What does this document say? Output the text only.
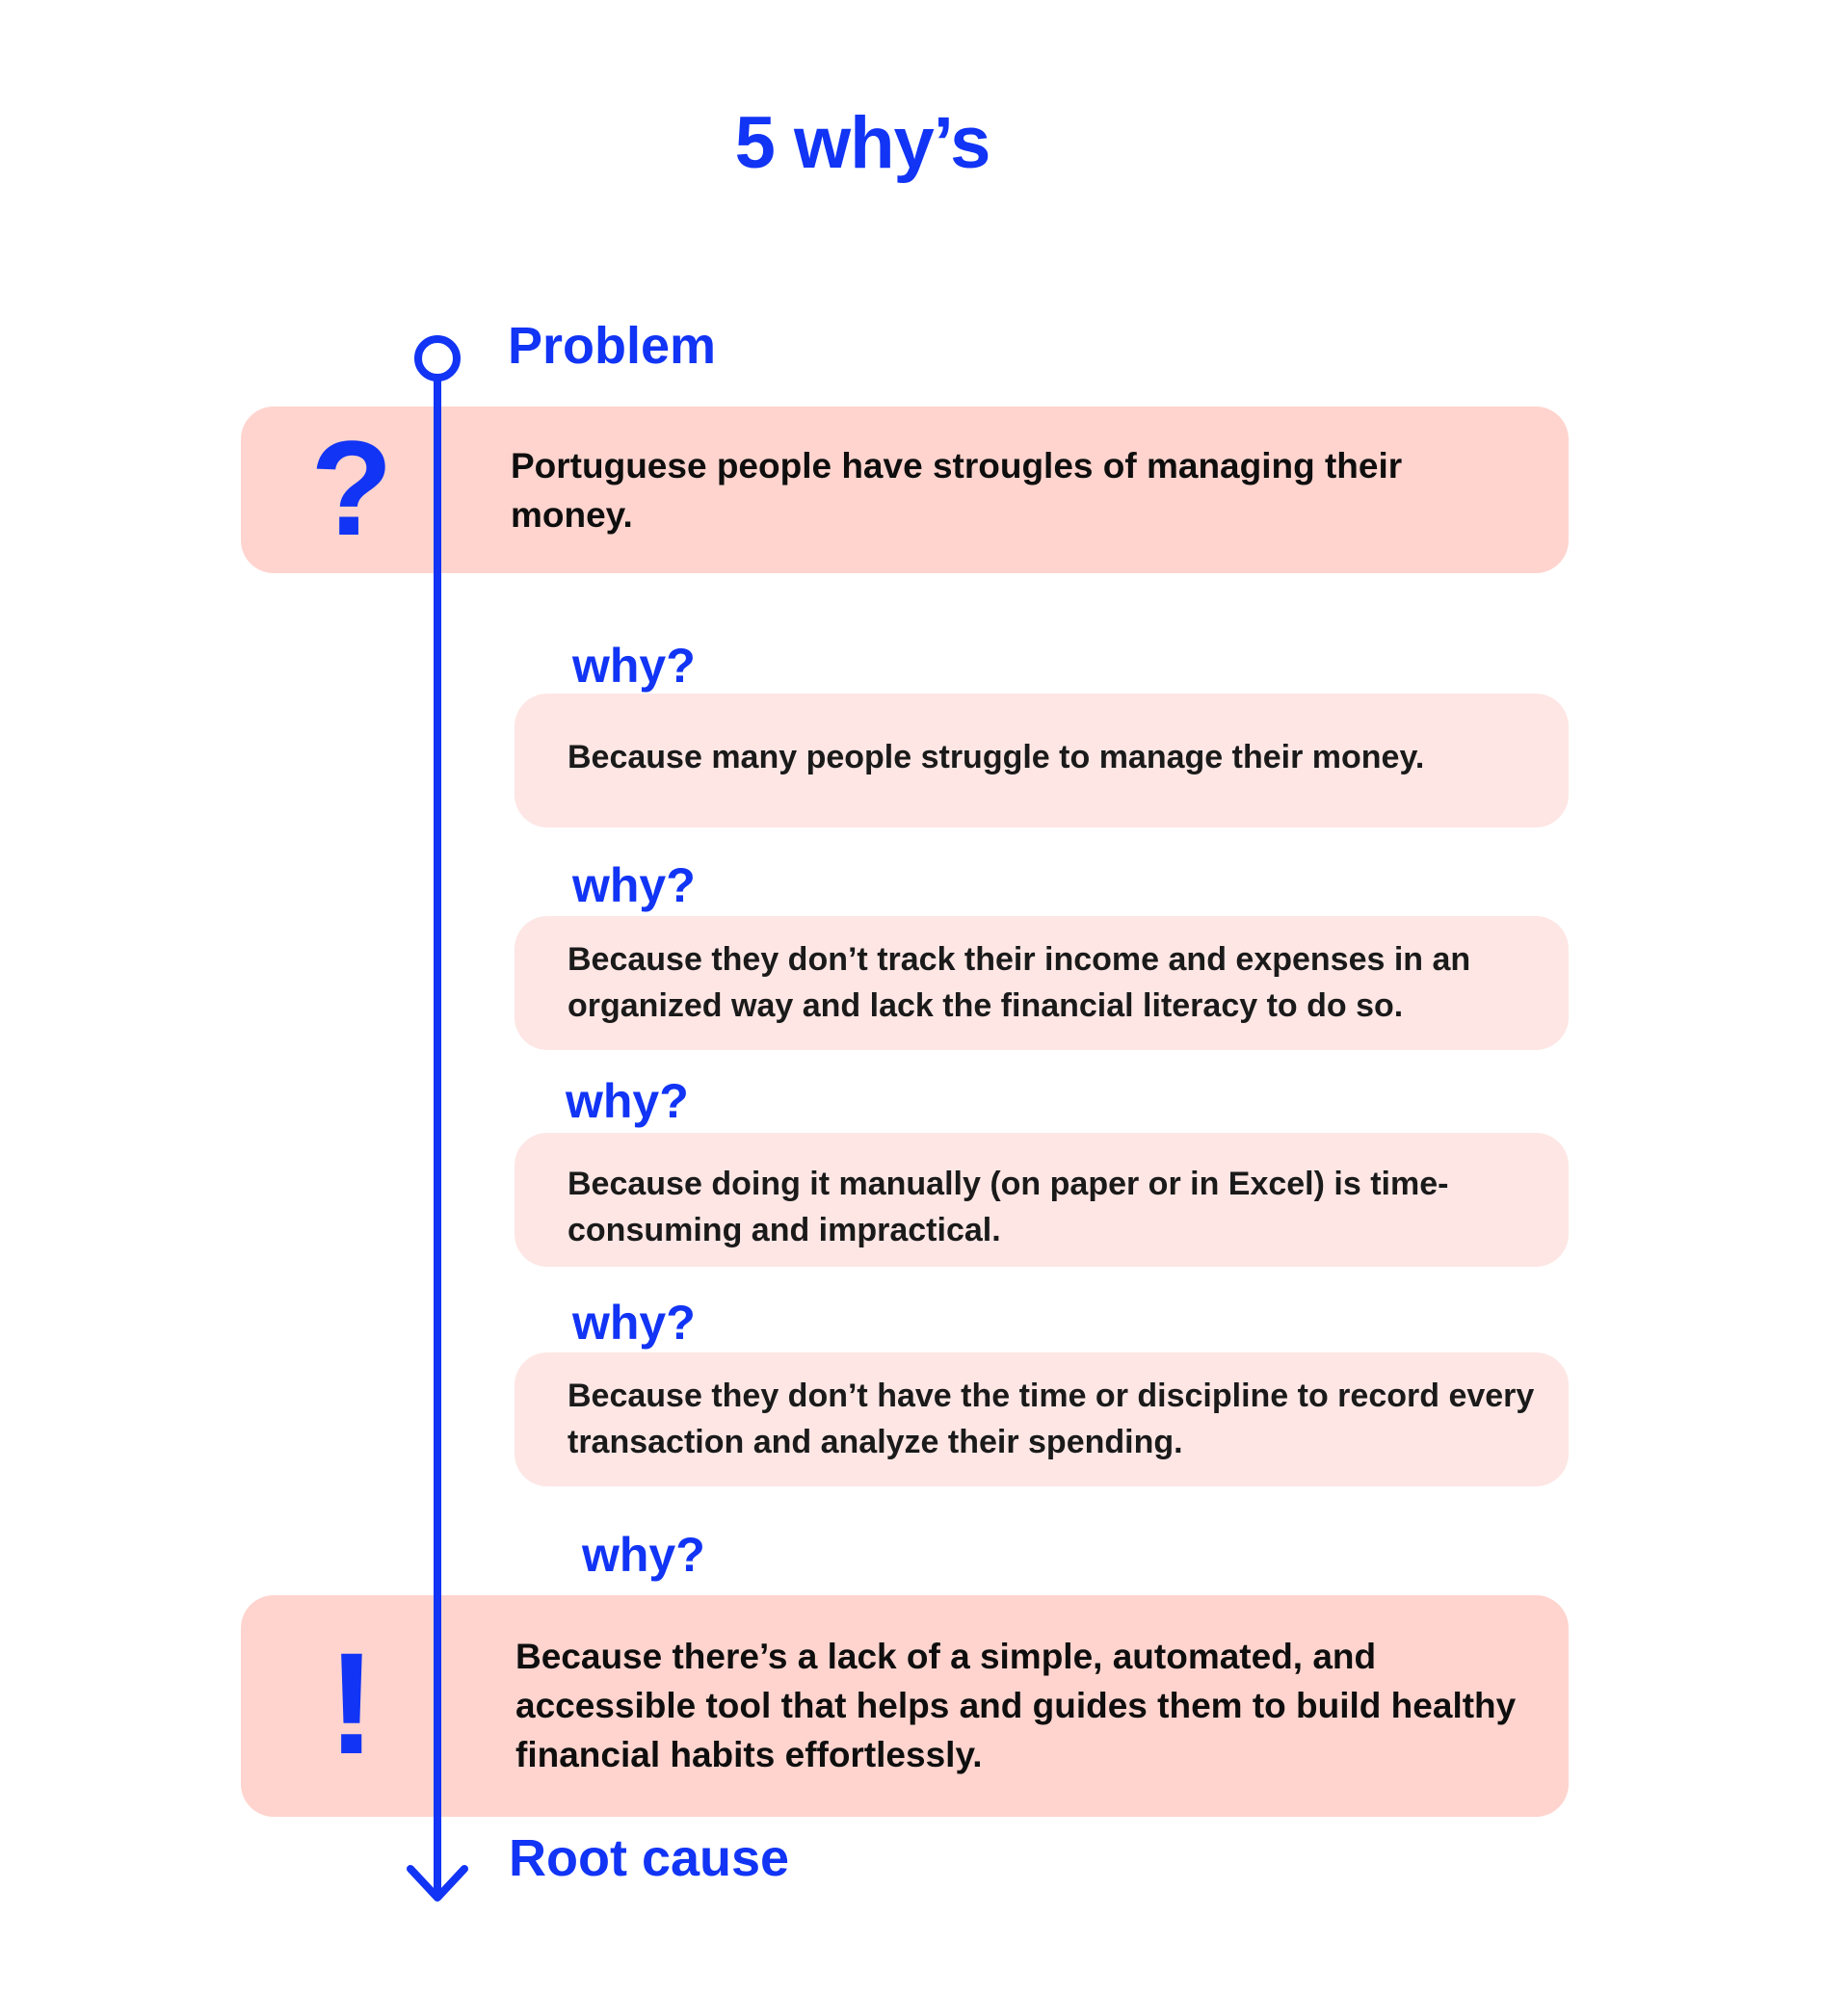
5 why’s
Problem
?	Portuguese people have strougles of managing their money.
why?
Because many people struggle to manage their money.
why?
Because they don’t track their income and expenses in an organized way and lack the financial literacy to do so.
why?
Because doing it manually (on paper or in Excel) is time-consuming and impractical.
why?
Because they don’t have the time or discipline to record every transaction and analyze their spending.
why?
!	Because there’s a lack of a simple, automated, and accessible tool that helps and guides them to build healthy financial habits effortlessly.
Root cause
